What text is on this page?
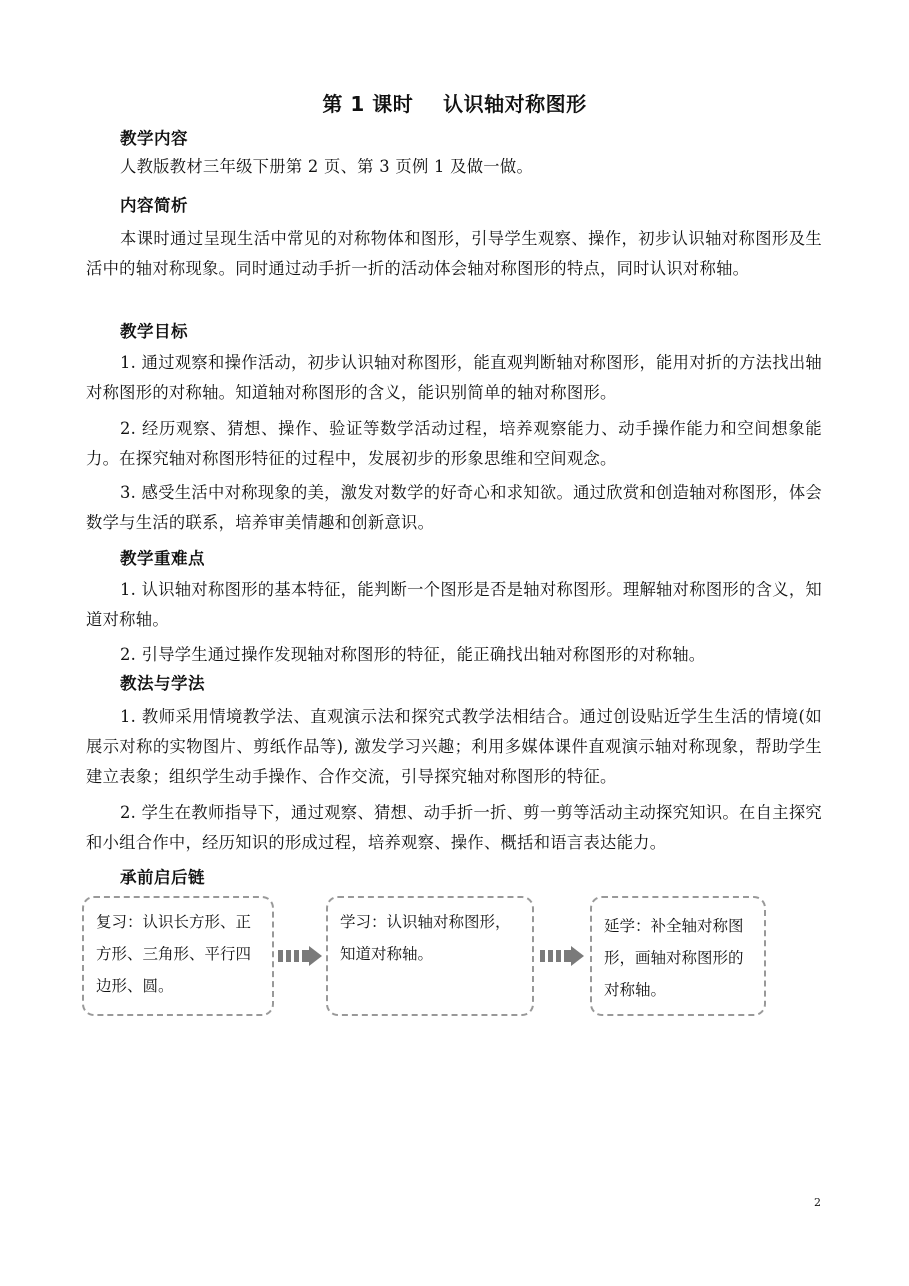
第 1 课时    认识轴对称图形
教学内容
人教版教材三年级下册第 2 页、第 3 页例 1 及做一做。
内容简析
本课时通过呈现生活中常见的对称物体和图形，引导学生观察、操作，初步认识轴对称图形及生活中的轴对称现象。同时通过动手折一折的活动体会轴对称图形的特点，同时认识对称轴。
教学目标
1. 通过观察和操作活动，初步认识轴对称图形，能直观判断轴对称图形，能用对折的方法找出轴对称图形的对称轴。知道轴对称图形的含义，能识别简单的轴对称图形。
2. 经历观察、猜想、操作、验证等数学活动过程，培养观察能力、动手操作能力和空间想象能力。在探究轴对称图形特征的过程中，发展初步的形象思维和空间观念。
3. 感受生活中对称现象的美，激发对数学的好奇心和求知欲。通过欣赏和创造轴对称图形，体会数学与生活的联系，培养审美情趣和创新意识。
教学重难点
1. 认识轴对称图形的基本特征，能判断一个图形是否是轴对称图形。理解轴对称图形的含义，知道对称轴。
2. 引导学生通过操作发现轴对称图形的特征，能正确找出轴对称图形的对称轴。
教法与学法
1. 教师采用情境教学法、直观演示法和探究式教学法相结合。通过创设贴近学生生活的情境(如展示对称的实物图片、剪纸作品等), 激发学习兴趣；利用多媒体课件直观演示轴对称现象，帮助学生建立表象；组织学生动手操作、合作交流，引导探究轴对称图形的特征。
2. 学生在教师指导下，通过观察、猜想、动手折一折、剪一剪等活动主动探究知识。在自主探究和小组合作中，经历知识的形成过程，培养观察、操作、概括和语言表达能力。
承前启后链
复习：认识长方形、正方形、三角形、平行四边形、圆。
学习：认识轴对称图形，知道对称轴。
延学：补全轴对称图形，画轴对称图形的对称轴。
2
